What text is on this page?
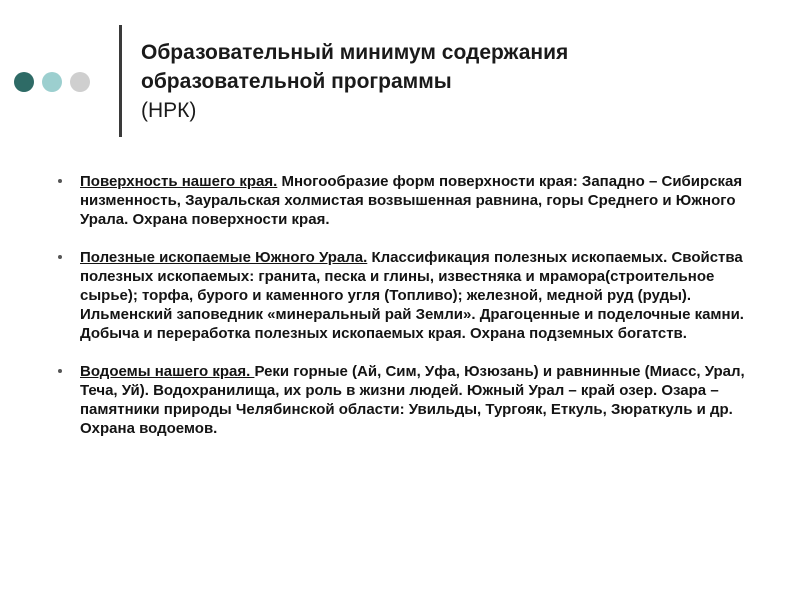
Образовательный минимум содержания
образовательной программы
(НРК)
Поверхность нашего края. Многообразие форм поверхности края: Западно – Сибирская низменность, Зауральская холмистая возвышенная равнина, горы Среднего и Южного Урала. Охрана поверхности края.
Полезные ископаемые Южного Урала. Классификация полезных ископаемых. Свойства полезных ископаемых: гранита, песка и глины, известняка и мрамора(строительное сырье); торфа, бурого и каменного угля (Топливо); железной, медной руд (руды). Ильменский заповедник «минеральный рай Земли». Драгоценные и поделочные камни. Добыча и переработка полезных ископаемых края. Охрана подземных богатств.
Водоемы нашего края. Реки горные (Ай, Сим, Уфа, Юзюзань) и равнинные (Миасс, Урал, Теча, Уй). Водохранилища, их роль в жизни людей. Южный Урал – край озер. Озара – памятники природы Челябинской области: Увильды, Тургояк, Еткуль, Зюраткуль и др. Охрана водоемов.
